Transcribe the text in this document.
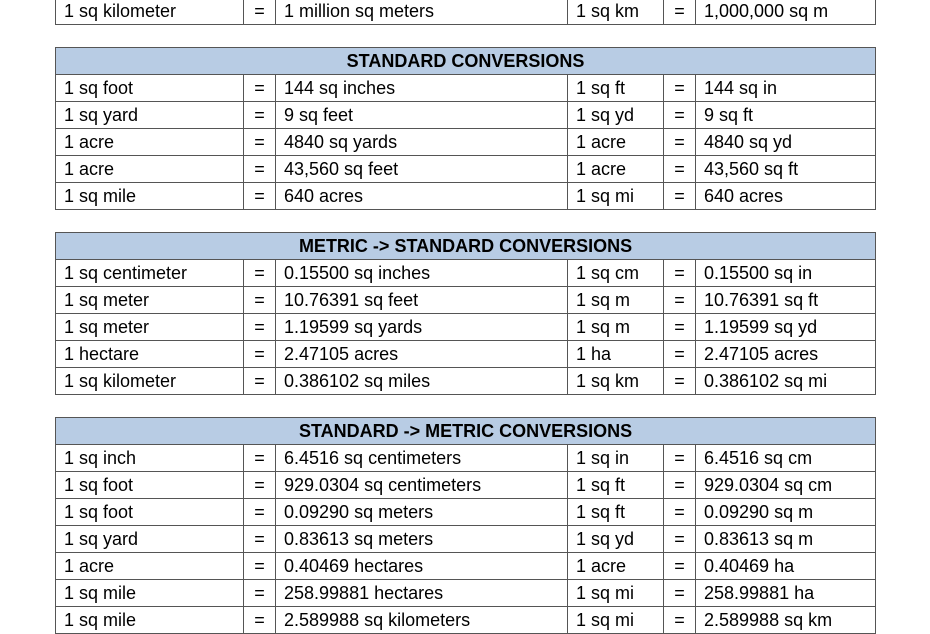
1 sq kilometer	=	1 million sq meters	1 sq km	=	1,000,000 sq m
STANDARD CONVERSIONS					
1 sq foot	=	144 sq inches	1 sq ft	=	144 sq in
1 sq yard	=	9 sq feet	1 sq yd	=	9 sq ft
1 acre	=	4840 sq yards	1 acre	=	4840 sq yd
1 acre	=	43,560 sq feet	1 acre	=	43,560 sq ft
1 sq mile	=	640 acres	1 sq mi	=	640 acres
METRIC -> STANDARD CONVERSIONS					
1 sq centimeter	=	0.15500 sq inches	1 sq cm	=	0.15500 sq in
1 sq meter	=	10.76391 sq feet	1 sq m	=	10.76391 sq ft
1 sq meter	=	1.19599 sq yards	1 sq m	=	1.19599 sq yd
1 hectare	=	2.47105 acres	1 ha	=	2.47105 acres
1 sq kilometer	=	0.386102 sq miles	1 sq km	=	0.386102 sq mi
STANDARD -> METRIC CONVERSIONS					
1 sq inch	=	6.4516 sq centimeters	1 sq in	=	6.4516 sq cm
1 sq foot	=	929.0304 sq centimeters	1 sq ft	=	929.0304 sq cm
1 sq foot	=	0.09290 sq meters	1 sq ft	=	0.09290 sq m
1 sq yard	=	0.83613 sq meters	1 sq yd	=	0.83613 sq m
1 acre	=	0.40469 hectares	1 acre	=	0.40469 ha
1 sq mile	=	258.99881 hectares	1 sq mi	=	258.99881 ha
1 sq mile	=	2.589988 sq kilometers	1 sq mi	=	2.589988 sq km
